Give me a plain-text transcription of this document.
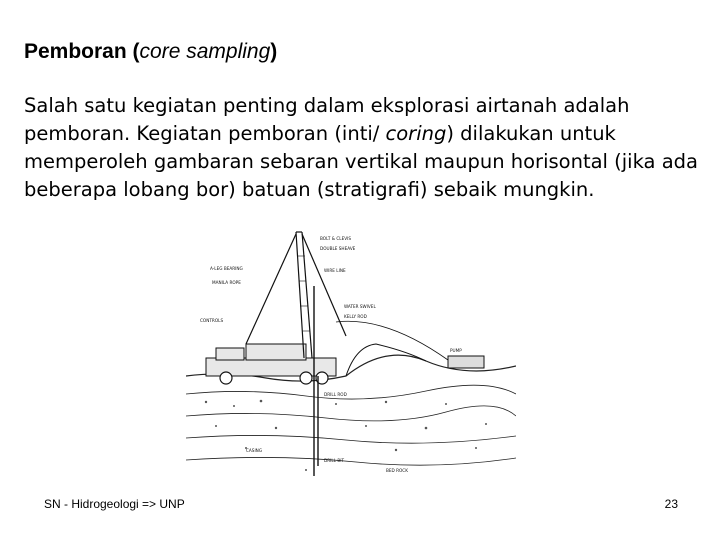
Pemboran (core sampling)
Salah satu kegiatan penting dalam eksplorasi airtanah adalah pemboran. Kegiatan pemboran (inti/ coring) dilakukan untuk memperoleh gambaran sebaran vertikal maupun horisontal (jika ada beberapa lobang bor) batuan (stratigrafi) sebaik mungkin.
BOLT & CLEVIS
DOUBLE SHEAVE
A-LEG BEARING
MANILA ROPE
WIRE LINE
WATER SWIVEL
KELLY ROD
CONTROLS
PUMP
DRILL ROD
DRILL BIT
CASING
BED ROCK
SN - Hidrogeologi => UNP	23
